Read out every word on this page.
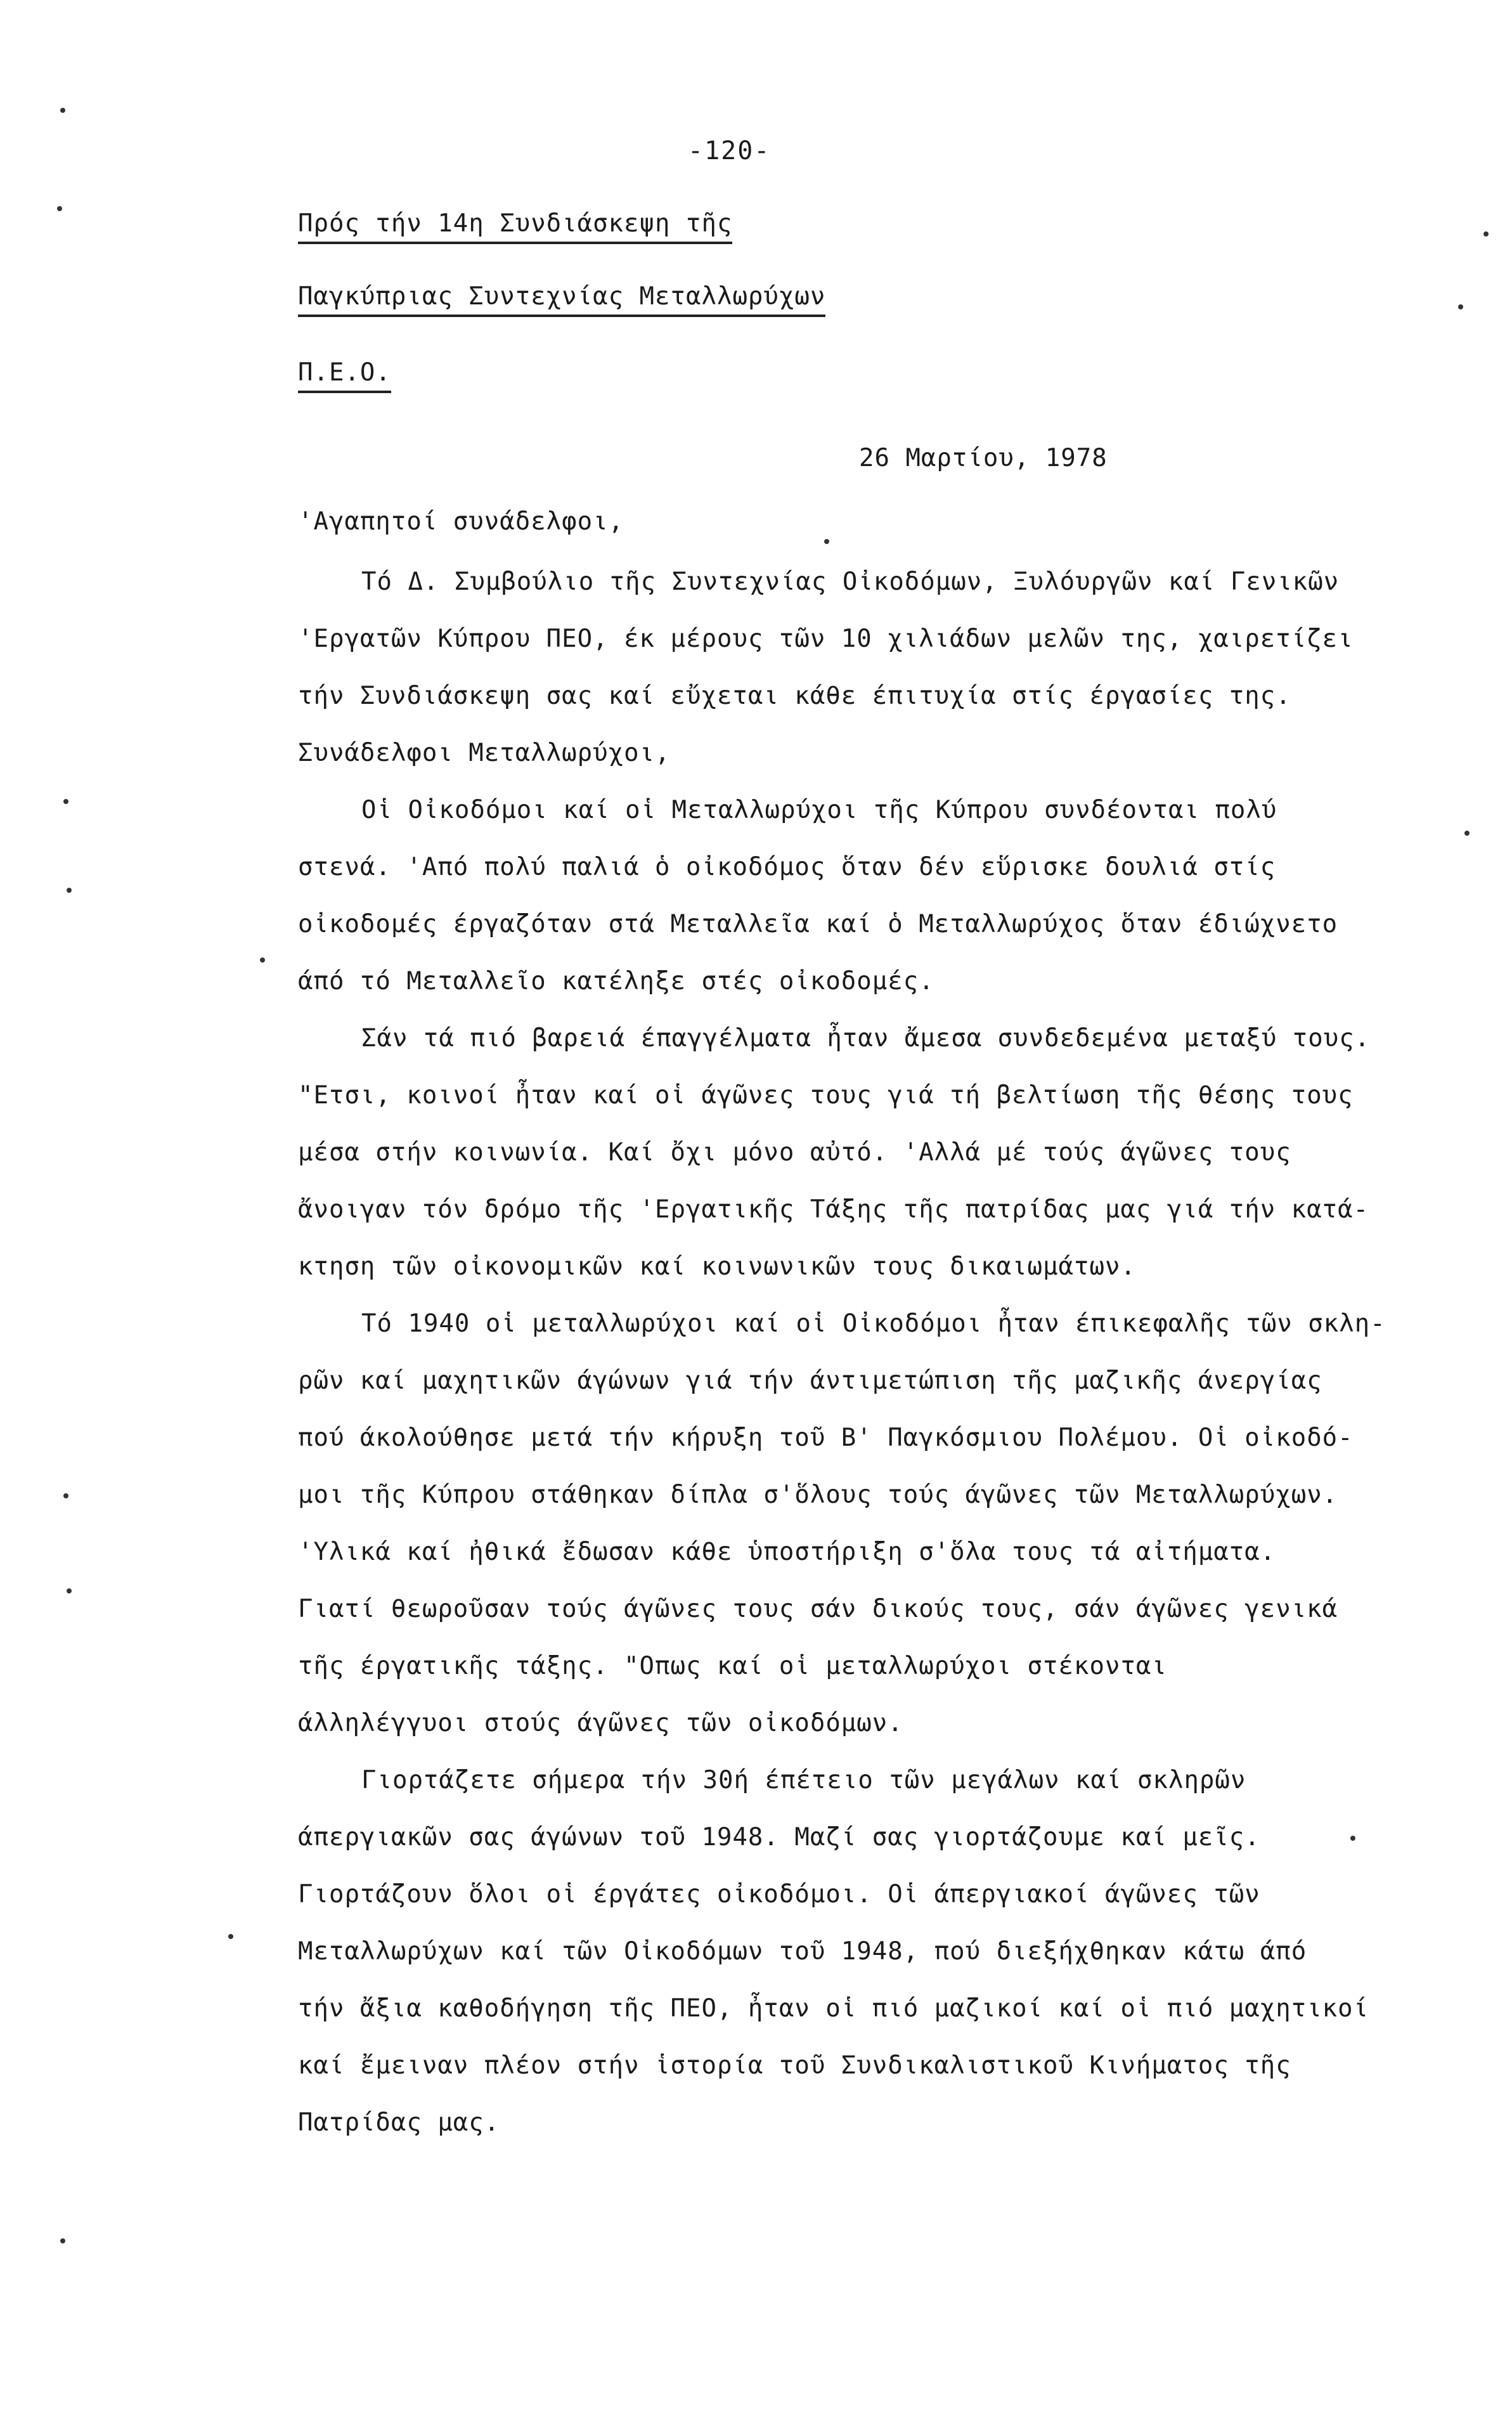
-120-
Πρός τήν 14η Συνδιάσκεψη τῆς
Παγκύπριας Συντεχνίας Μεταλλωρύχων
Π.Ε.Ο.
26 Μαρτίου, 1978
'Αγαπητοί συνάδελφοι,
Τό Δ. Συμβούλιο τῆς Συντεχνίας Οἰκοδόμων, Ξυλόυργῶν καί Γενικῶν
'Εργατῶν Κύπρου ΠΕΟ, έκ μέρους τῶν 10 χιλιάδων μελῶν της, χαιρετίζει
τήν Συνδιάσκεψη σας καί εὔχεται κάθε έπιτυχία στίς έργασίες της.
Συνάδελφοι Μεταλλωρύχοι,
Οἱ Οἰκοδόμοι καί οἱ Μεταλλωρύχοι τῆς Κύπρου συνδέονται πολύ
στενά. 'Από πολύ παλιά ὁ οἰκοδόμος ὅταν δέν εὕρισκε δουλιά στίς
οἰκοδομές έργαζόταν στά Μεταλλεῖα καί ὁ Μεταλλωρύχος ὅταν έδιώχνετο
άπό τό Μεταλλεῖο κατέληξε στές οἰκοδομές.
Σάν τά πιό βαρειά έπαγγέλματα ἦταν ἄμεσα συνδεδεμένα μεταξύ τους.
"Ετσι, κοινοί ἦταν καί οἱ άγῶνες τους γιά τή βελτίωση τῆς θέσης τους
μέσα στήν κοινωνία. Καί ὄχι μόνο αὐτό. 'Αλλά μέ τούς άγῶνες τους
ἄνοιγαν τόν δρόμο τῆς 'Εργατικῆς Τάξης τῆς πατρίδας μας γιά τήν κατά-
κτηση τῶν οἰκονομικῶν καί κοινωνικῶν τους δικαιωμάτων.
Τό 1940 οἱ μεταλλωρύχοι καί οἱ Οἰκοδόμοι ἦταν έπικεφαλῆς τῶν σκλη-
ρῶν καί μαχητικῶν άγώνων γιά τήν άντιμετώπιση τῆς μαζικῆς άνεργίας
πού άκολούθησε μετά τήν κήρυξη τοῦ Β' Παγκόσμιου Πολέμου. Οἱ οἰκοδό-
μοι τῆς Κύπρου στάθηκαν δίπλα σ'ὅλους τούς άγῶνες τῶν Μεταλλωρύχων.
'Υλικά καί ἠθικά ἔδωσαν κάθε ὑποστήριξη σ'ὅλα τους τά αἰτήματα.
Γιατί θεωροῦσαν τούς άγῶνες τους σάν δικούς τους, σάν άγῶνες γενικά
τῆς έργατικῆς τάξης. "Οπως καί οἱ μεταλλωρύχοι στέκονται
άλληλέγγυοι στούς άγῶνες τῶν οἰκοδόμων.
Γιορτάζετε σήμερα τήν 30ή έπέτειο τῶν μεγάλων καί σκληρῶν
άπεργιακῶν σας άγώνων τοῦ 1948. Μαζί σας γιορτάζουμε καί μεῖς.
Γιορτάζουν ὅλοι οἱ έργάτες οἰκοδόμοι. Οἱ άπεργιακοί άγῶνες τῶν
Μεταλλωρύχων καί τῶν Οἰκοδόμων τοῦ 1948, πού διεξήχθηκαν κάτω άπό
τήν ἄξια καθοδήγηση τῆς ΠΕΟ, ἦταν οἱ πιό μαζικοί καί οἱ πιό μαχητικοί
καί ἔμειναν πλέον στήν ἱστορία τοῦ Συνδικαλιστικοῦ Κινήματος τῆς
Πατρίδας μας.
